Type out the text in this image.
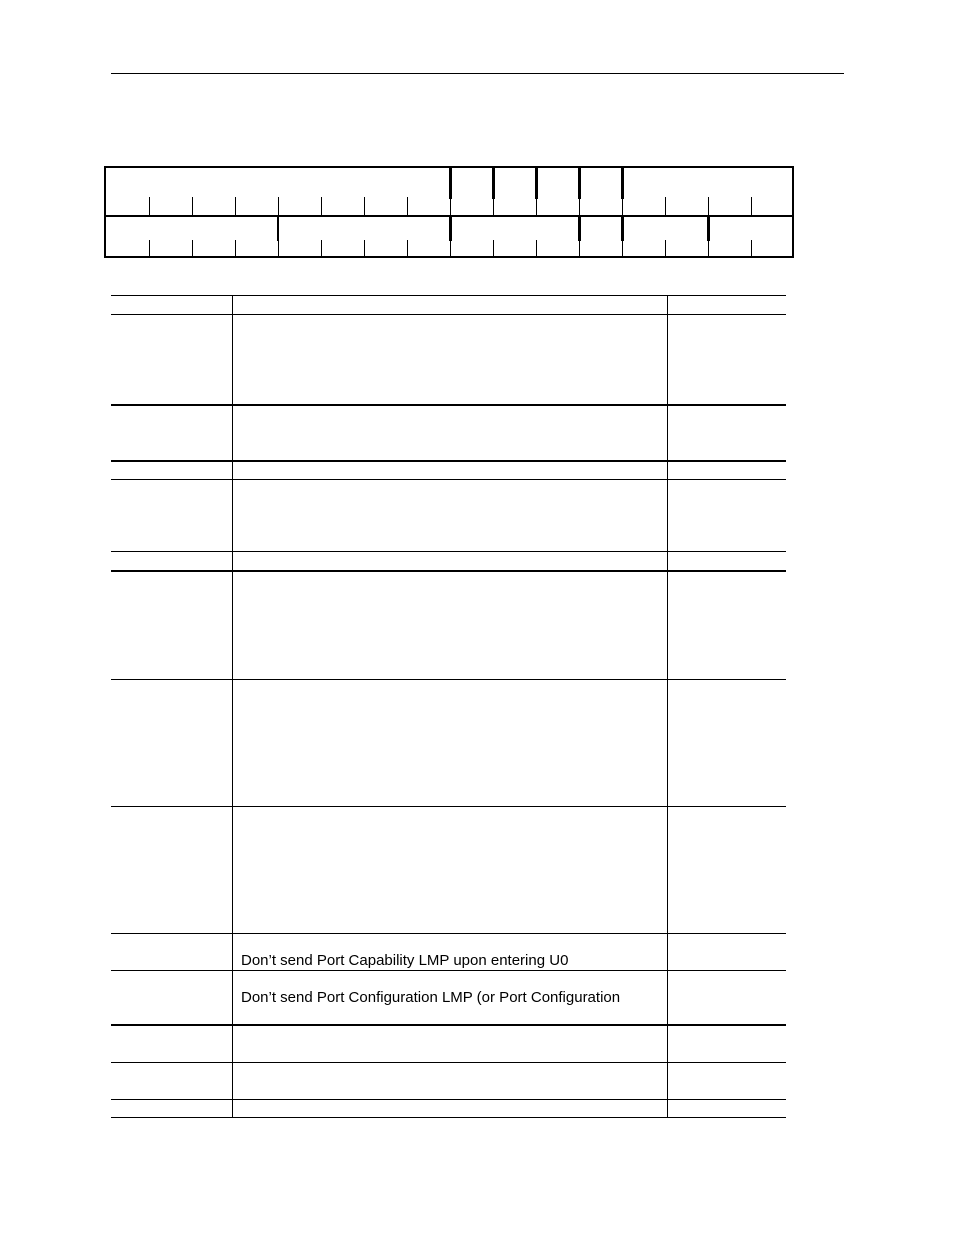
Don’t send Port Capability LMP upon entering U0
Don’t send Port Configuration LMP (or Port Configuration
